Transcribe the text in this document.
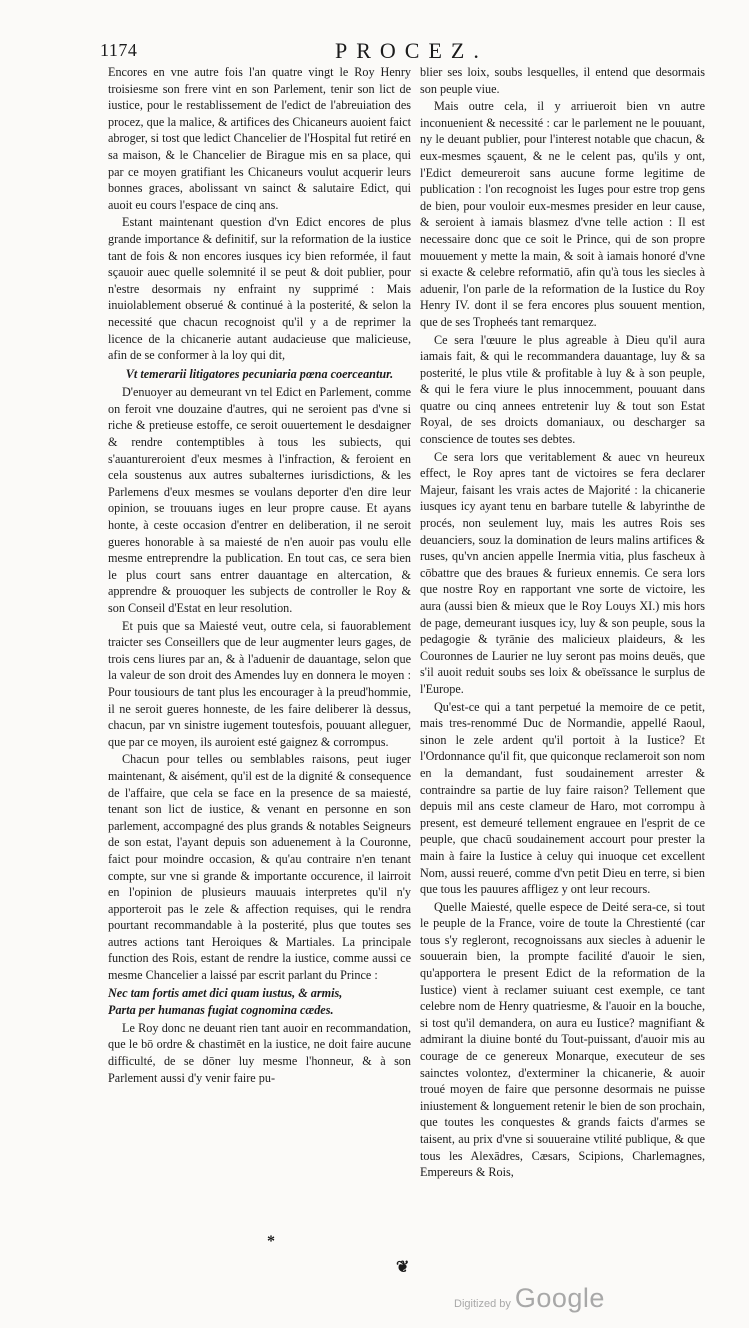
1174	PROCEZ.

Encores en vne autre fois l'an quatre vingt le Roy Henry troisiesme son frere vint en son Parlement, tenir son lict de iustice, pour le restablissement de l'edict de l'abreuiation des procez, que la malice, & artifices des Chicaneurs auoient faict abroger, si tost que ledict Chancelier de l'Hospital fut retiré en sa maison, & le Chancelier de Birague mis en sa place, qui par ce moyen gratifiant les Chicaneurs voulut acquerir leurs bonnes graces, abolissant vn sainct & salutaire Edict, qui auoit eu cours l'espace de cinq ans.

Estant maintenant question d'vn Edict encores de plus grande importance & definitif, sur la reformation de la iustice tant de fois & non encores iusques icy bien reformée, il faut sçauoir auec quelle solemnité il se peut & doit publier, pour n'estre desormais ny enfraint ny supprimé : Mais inuiolablement obserué & continué à la posterité, & selon la necessité que chacun recognoist qu'il y a de reprimer la licence de la chicanerie autant audacieuse que malicieuse, afin de se conformer à la loy qui dit,

Vt temerarii litigatores pecuniaria pœna coerceantur.

D'enuoyer au demeurant vn tel Edict en Parlement, comme on feroit vne douzaine d'autres, qui ne seroient pas d'vne si riche & pretieuse estoffe, ce seroit ouuertement le desdaigner & rendre contemptibles à tous les subiects, qui s'auantureroient d'eux mesmes à l'infraction, & feroient en cela soustenus aux autres subalternes iurisdictions, & les Parlemens d'eux mesmes se voulans deporter d'en dire leur opinion, se trouuans iuges en leur propre cause. Et ayans honte, à ceste occasion d'entrer en deliberation, il ne seroit gueres honorable à sa maiesté de n'en auoir pas voulu elle mesme entreprendre la publication. En tout cas, ce sera bien le plus court sans entrer dauantage en altercation, & apprendre & prouoquer les subjects de controller le Roy & son Conseil d'Estat en leur resolution.

Et puis que sa Maiesté veut, outre cela, si fauorablement traicter ses Conseillers que de leur augmenter leurs gages, de trois cens liures par an, & à l'aduenir de dauantage, selon que la valeur de son droit des Amendes luy en donnera le moyen : Pour tousiours de tant plus les encourager à la preud'hommie, il ne seroit gueres honneste, de les faire deliberer là dessus, chacun, par vn sinistre iugement toutesfois, pouuant alleguer, que par ce moyen, ils auroient esté gaignez & corrompus.

Chacun pour telles ou semblables raisons, peut iuger maintenant, & aisément, qu'il est de la dignité & consequence de l'affaire, que cela se face en la presence de sa maiesté, tenant son lict de iustice, & venant en personne en son parlement, accompagné des plus grands & notables Seigneurs de son estat, l'ayant depuis son aduenement à la Couronne, faict pour moindre occasion, & qu'au contraire n'en tenant compte, sur vne si grande & importante occurence, il lairroit en l'opinion de plusieurs mauuais interpretes qu'il n'y apporteroit pas le zele & affection requises, qui le rendra pourtant recommandable à la posterité, plus que toutes ses autres actions tant Heroiques & Martiales. La principale function des Rois, estant de rendre la iustice, comme aussi ce mesme Chancelier a laissé par escrit parlant du Prince :

Nec tam fortis amet dici quam iustus, & armis,

Parta per humanas fugiat cognomina cædes.

Le Roy donc ne deuant rien tant auoir en recommandation, que le bō ordre & chastimēt en la iustice, ne doit faire aucune difficulté, de se dōner luy mesme l'honneur, & à son Parlement aussi d'y venir faire pu-

blier ses loix, soubs lesquelles, il entend que desormais son peuple viue.

Mais outre cela, il y arriueroit bien vn autre inconuenient & necessité : car le parlement ne le pouuant, ny le deuant publier, pour l'interest notable que chacun, & eux-mesmes sçauent, & ne le celent pas, qu'ils y ont, l'Edict demeureroit sans aucune forme legitime de publication : l'on recognoist les Iuges pour estre trop gens de bien, pour vouloir eux-mesmes presider en leur cause, & seroient à iamais blasmez d'vne telle action : Il est necessaire donc que ce soit le Prince, qui de son propre mouuement y mette la main, & soit à iamais honoré d'vne si exacte & celebre reformatiō, afin qu'à tous les siecles à aduenir, l'on parle de la reformation de la Iustice du Roy Henry IV. dont il se fera encores plus souuent mention, que de ses Tropheés tant remarquez.

Ce sera l'œuure le plus agreable à Dieu qu'il aura iamais fait, & qui le recommandera dauantage, luy & sa posterité, le plus vtile & profitable à luy & à son peuple, & qui le fera viure le plus innocemment, pouuant dans quatre ou cinq annees entretenir luy & tout son Estat Royal, de ses droicts domaniaux, ou descharger sa conscience de toutes ses debtes.

Ce sera lors que veritablement & auec vn heureux effect, le Roy apres tant de victoires se fera declarer Majeur, faisant les vrais actes de Majorité : la chicanerie iusques icy ayant tenu en barbare tutelle & labyrinthe de procés, non seulement luy, mais les autres Rois ses deuanciers, souz la domination de leurs malins artifices & ruses, qu'vn ancien appelle Inermia vitia, plus fascheux à cōbattre que des braues & furieux ennemis. Ce sera lors que nostre Roy en rapportant vne sorte de victoire, les aura (aussi bien & mieux que le Roy Louys XI.) mis hors de page, demeurant iusques icy, luy & son peuple, sous la pedagogie & tyrānie des malicieux plaideurs, & les Couronnes de Laurier ne luy seront pas moins deuës, que s'il auoit reduit soubs ses loix & obeïssance le surplus de l'Europe.

Qu'est-ce qui a tant perpetué la memoire de ce petit, mais tres-renommé Duc de Normandie, appellé Raoul, sinon le zele ardent qu'il portoit à la Iustice? Et l'Ordonnance qu'il fit, que quiconque reclameroit son nom en la demandant, fust soudainement arrester & contraindre sa partie de luy faire raison? Tellement que depuis mil ans ceste clameur de Haro, mot corrompu à present, est demeuré tellement engrauee en l'esprit de ce peuple, que chacū soudainement accourt pour prester la main à faire la Iustice à celuy qui inuoque cet excellent Nom, aussi reueré, comme d'vn petit Dieu en terre, si bien que tous les pauures affligez y ont leur recours.

Quelle Maiesté, quelle espece de Deité sera-ce, si tout le peuple de la France, voire de toute la Chrestienté (car tous s'y regleront, recognoissans aux siecles à aduenir le souuerain bien, la prompte facilité d'auoir le sien, qu'apportera le present Edict de la reformation de la Iustice) vient à reclamer suiuant cest exemple, ce tant celebre nom de Henry quatriesme, & l'auoir en la bouche, si tost qu'il demandera, on aura eu Iustice? magnifiant & admirant la diuine bonté du Tout-puissant, d'auoir mis au courage de ce genereux Monarque, executeur de ses sainctes volontez, d'exterminer la chicanerie, & auoir troué moyen de faire que personne desormais ne puisse iniustement & longuement retenir le bien de son prochain, que toutes les conquestes & grands faicts d'armes se taisent, au prix d'vne si souueraine vtilité publique, & que tous les Alexādres, Cæsars, Scipions, Charlemagnes, Empereurs & Rois,

*
❦
Digitized by Google
